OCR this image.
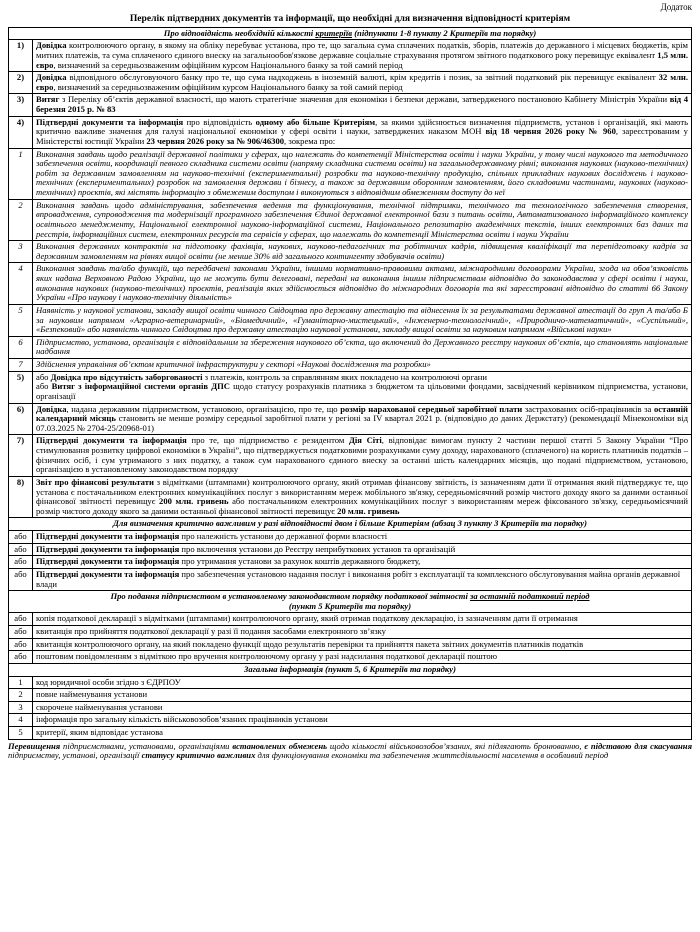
Додаток
Перелік підтвердних документів та інформації, що необхідні для визначення відповідності критеріям
Про відповідність необхідній кількості критеріїв (підпункти 1-8 пункту 2 Критеріїв та порядку)	
1)	Довідка контролюючого органу, в якому на обліку перебуває установа, про те, що загальна сума сплачених податків, зборів, платежів до державного і місцевих бюджетів, крім митних платежів, та сума сплаченого єдиного внеску на загальнообов'язкове державне соціальне страхування протягом звітного податкового року перевищує еквівалент 1,5 млн. євро, визначений за середньозваженим офіційним курсом Національного банку за той самий період
2)	Довідка відповідного обслуговуючого банку про те, що сума надходжень в іноземній валюті, крім кредитів і позик, за звітний податковий рік перевищує еквівалент 32 млн. євро, визначений за середньозваженим офіційним курсом Національного банку за той самий період
3)	Витяг з Переліку об’єктів державної власності, що мають стратегічне значення для економіки і безпеки держави, затвердженого постановою Кабінету Міністрів України від 4 березня 2015 р. № 83
4)	Підтвердні документи та інформація про відповідність одному або більше Критеріям, за якими здійснюється визначення підприємств, установ і організацій, які мають критично важливе значення для галузі національної економіки у сфері освіти і науки, затверджених наказом МОН від 18 червня 2026 року № 960, зареєстрованим у Міністерстві юстиції України 23 червня 2026 року за № 906/46300, зокрема про:
1	Виконання завдань щодо реалізації державної політики у сферах, що належать до компетенції Міністерства освіти і науки України, у тому числі наукового та методичного забезпечення освіти, координації певного складника системи освіти (напряму складника системи освіти) на загальнодержавному рівні; виконання наукових (науково-технічних) робіт за державним замовленням на науково-технічні (експериментальні) розробки та науково-технічну продукцію, спільних прикладних наукових досліджень і науково-технічних (експериментальних) розробок на замовлення держави і бізнесу, а також за державним оборонним замовленням, його складовими частинами, наукових (науково-технічних) проєктів, які містять інформацію з обмеженим доступом і виконуються з відповідним обмеженням доступу до неї
2	Виконання завдань щодо адміністрування, забезпечення ведення та функціонування, технічної підтримки, технічного та технологічного забезпечення створення, впровадження, супроводження та модернізації програмного забезпечення Єдиної державної електронної бази з питань освіти, Автоматизованого інформаційного комплексу освітнього менеджменту, Національної електронної науково-інформаційної системи, Національного репозитарію академічних текстів, інших електронних баз даних та реєстрів, інформаційних систем, електронних ресурсів та сервісів у сферах, що належать до компетенції Міністерства освіти і науки України
3	Виконання державних контрактів на підготовку фахівців, наукових, науково-педагогічних та робітничих кадрів, підвищення кваліфікації та перепідготовку кадрів за державним замовленням на рівнях вищої освіти (не менше 30% від загального контингенту здобувачів освіти)
4	Виконання завдань та/або функцій, що передбачені законами України, іншими нормативно-правовими актами, міжнародними договорами України, згода на обов’язковість яких надана Верховною Радою України, що не можуть бути делеговані, передані на виконання іншим підприємствам відповідно до законодавства у сфері освіти і науки, виконання наукових (науково-технічних) проєктів, реалізація яких здійснюється відповідно до міжнародних договорів та які зареєстровані відповідно до статті 66 Закону України «Про наукову і науково-технічну діяльність»
5	Наявність у наукової установи, закладу вищої освіти чинного Свідоцтва про державну атестацію та віднесення їх за результатами державної атестації до груп А та/або Б за науковим напрямом «Аграрно-ветеринарний», «Біомедичний», «Гуманітарно-мистецький», «Інженерно-технологічний», «Природничо-математичний», «Суспільний», «Безпековий» або наявність чинного Свідоцтва про державну атестацію наукової установи, закладу вищої освіти за науковим напрямом «Військові науки»
6	Підприємство, установа, організація є відповідальним за збереження наукового об’єкта, що включений до Державного реєстру наукових об’єктів, що становлять національне надбання
7	Здійснення управління об’єктом критичної інфраструктури у секторі «Наукові дослідження та розробки»
5)	або Довідка про відсутність заборгованості з платежів, контроль за справлянням яких покладено на контролюючі органи
або Витяг з інформаційної системи органів ДПС щодо статусу розрахунків платника з бюджетом та цільовими фондами, засвідчений керівником підприємства, установи, організації
6)	Довідка, надана державним підприємством, установою, організацією, про те, що розмір нарахованої середньої заробітної плати застрахованих осіб-працівників за останній календарний місяць становить не менше розміру середньої заробітної плати у регіоні за IV квартал 2021 р. (відповідно до даних Держстату) (рекомендації Мінекономіки від 07.03.2025 № 2704-25/20968-01)
7)	Підтвердні документи та інформація про те, що підприємство є резидентом Дія Сіті, відповідає вимогам пункту 2 частини першої статті 5 Закону України “Про стимулювання розвитку цифрової економіки в Україні”, що підтверджується податковими розрахунками суму доходу, нарахованого (сплаченого) на користь платників податків – фізичних осіб, і сум утриманого з них податку, а також сум нарахованого єдиного внеску за останні шість календарних місяців, що подані підприємством, установою, організацією в установленому законодавством порядку
8)	Звіт про фінансові результати з відмітками (штампами) контролюючого органу, який отримав фінансову звітність, із зазначенням дати її отримання який підтверджує те, що установа є постачальником електронних комунікаційних послуг з використанням мереж мобільного зв'язку, середньомісячний розмір чистого доходу якого за даними останньої фінансової звітності перевищує 200 млн. гривень або постачальником електронних комунікаційних послуг з використанням мереж фіксованого зв'язку, середньомісячний розмір чистого доходу якого за даними останньої фінансової звітності перевищує 20 млн. гривень
Для визначення критично важливим у разі відповідності двом і більше Критеріям (абзац 3 пункту 3 Критеріїв та порядку)	
або	Підтвердні документи та інформація про належність установи до державної форми власності
або	Підтвердні документи та інформація про включення установи до Реєстру неприбуткових установ та організацій
або	Підтвердні документи та інформація про утримання установи за рахунок коштів державного бюджету,
або	Підтвердні документи та інформація про забезпечення установою надання послуг і виконання робіт з експлуатації та комплексного обслуговування майна органів державної влади
Про подання підприємством в установленому законодавством порядку податкової звітності за останній податковий період
(пункт 5 Критеріїв та порядку)	
або	копія податкової декларації з відмітками (штампами) контролюючого органу, який отримав податкову декларацію, із зазначенням дати її отримання
або	квитанція про прийняття податкової декларації у разі її подання засобами електронного зв’язку
або	квитанція контролюючого органу, на який покладено функції щодо результатів перевірки та прийняття пакета звітних документів платників податків
або	поштовим повідомленням з відміткою про вручення контролюючому органу у разі надсилання податкової декларації поштою
Загальна інформація (пункт 5, 6 Критеріїв та порядку)	
1	код юридичної особи згідно з ЄДРПОУ
2	повне найменування установи
3	скорочене найменування установи
4	інформація про загальну кількість військовозобов’язаних працівників установи
5	критерії, яким відповідає установа
Перевищення підприємствами, установами, організаціями встановлених обмежень щодо кількості військовозобов’язаних, які підлягають бронюванню, є підставою для скасування підприємству, установі, організації статусу критично важливих для функціонування економіки та забезпечення життєдіяльності населення в особливий період
